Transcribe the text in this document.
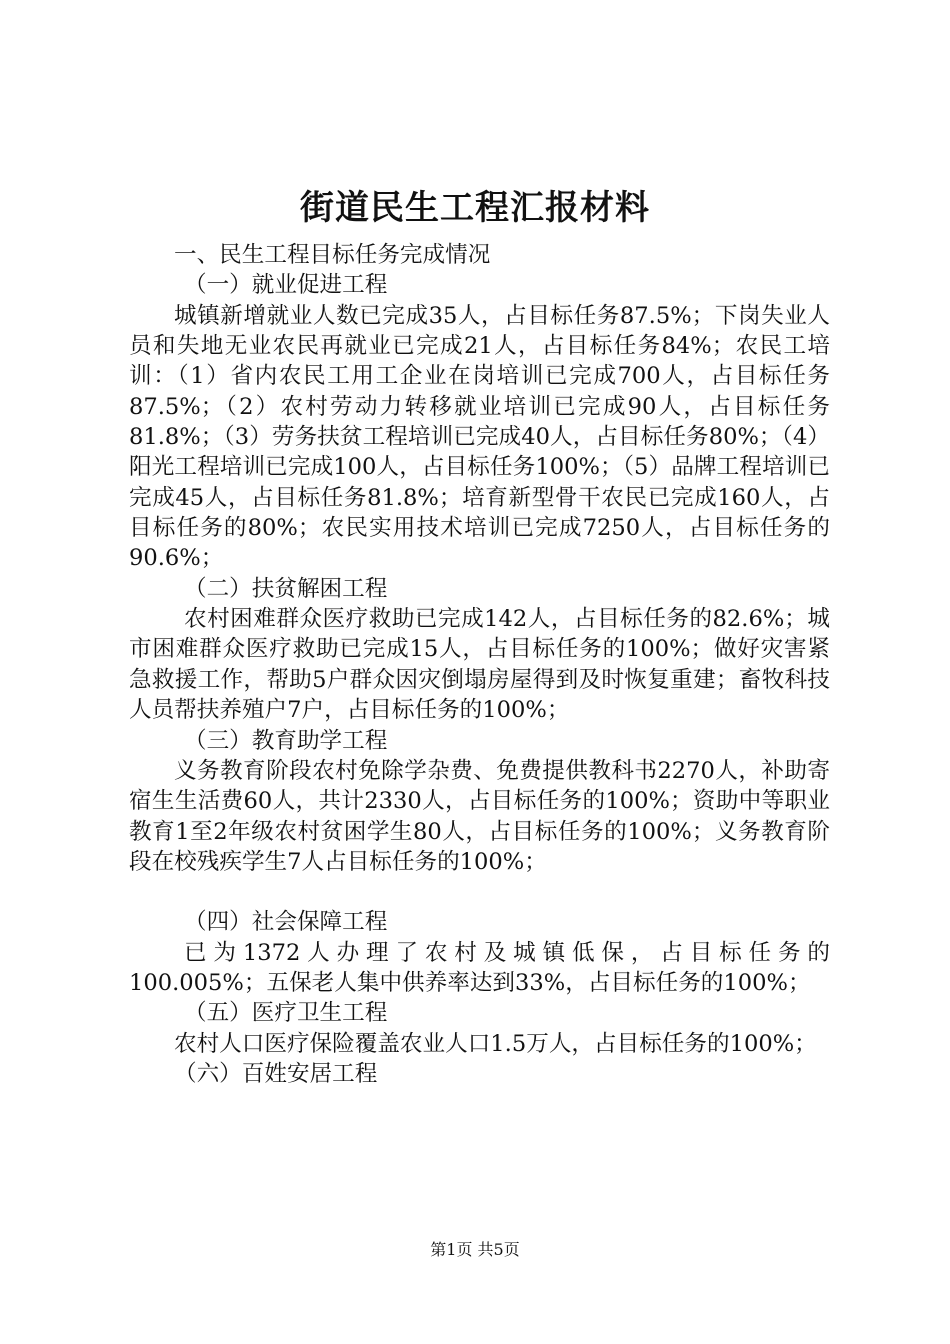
街道民生工程汇报材料

一、民生工程目标任务完成情况

（一）就业促进工程

城镇新增就业人数已完成35人，占目标任务87.5%；下岗失业人员和失地无业农民再就业已完成21人，占目标任务84%；农民工培训：（1）省内农民工用工企业在岗培训已完成700人，占目标任务87.5%；（2）农村劳动力转移就业培训已完成90人，占目标任务81.8%；（3）劳务扶贫工程培训已完成40人，占目标任务80%；（4）阳光工程培训已完成100人，占目标任务100%；（5）品牌工程培训已完成45人，占目标任务81.8%；培育新型骨干农民已完成160人，占目标任务的80%；农民实用技术培训已完成7250人，占目标任务的90.6%；

（二）扶贫解困工程

农村困难群众医疗救助已完成142人，占目标任务的82.6%；城市困难群众医疗救助已完成15人，占目标任务的100%；做好灾害紧急救援工作，帮助5户群众因灾倒塌房屋得到及时恢复重建；畜牧科技人员帮扶养殖户7户，占目标任务的100%；

（三）教育助学工程

义务教育阶段农村免除学杂费、免费提供教科书2270人，补助寄宿生生活费60人，共计2330人，占目标任务的100%；资助中等职业教育1至2年级农村贫困学生80人，占目标任务的100%；义务教育阶段在校残疾学生7人占目标任务的100%；

（四）社会保障工程

已为1372人办理了农村及城镇低保，占目标任务的100.005%；五保老人集中供养率达到33%，占目标任务的100%；

（五）医疗卫生工程

农村人口医疗保险覆盖农业人口1.5万人，占目标任务的100%；

（六）百姓安居工程

第1页 共5页
